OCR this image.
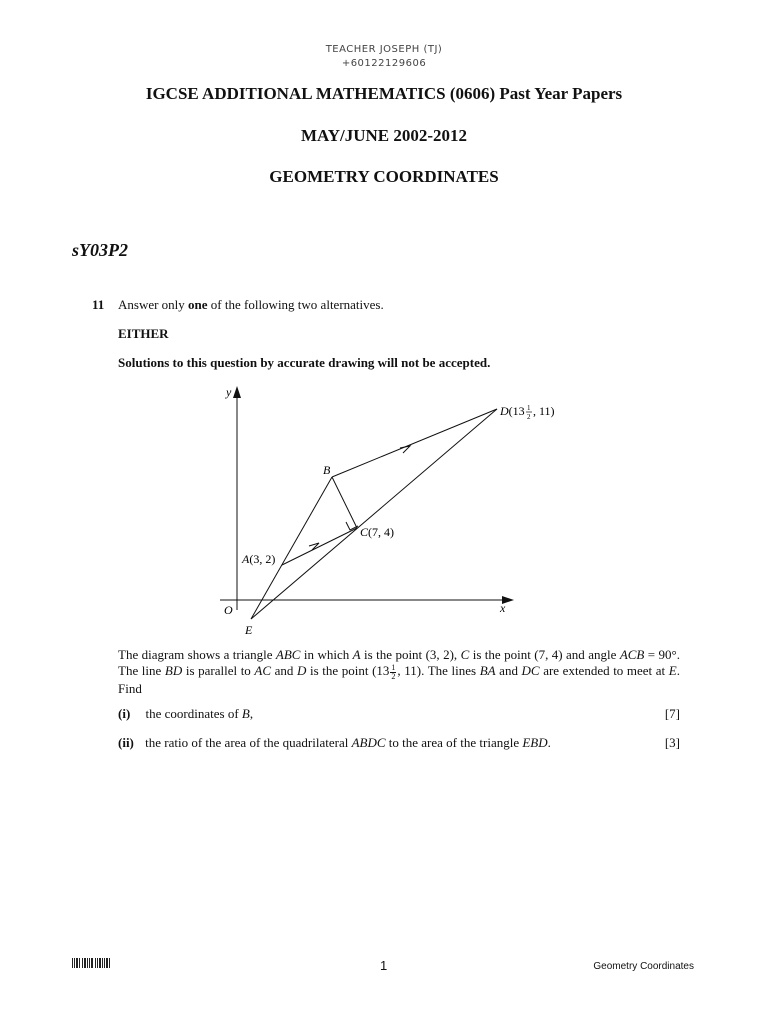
TEACHER JOSEPH (TJ)
+60122129606
IGCSE ADDITIONAL MATHEMATICS (0606) Past Year Papers
MAY/JUNE 2002-2012
GEOMETRY COORDINATES
sY03P2
11 Answer only one of the following two alternatives.
EITHER
Solutions to this question by accurate drawing will not be accepted.
y
x
O
B
C(7, 4)
A(3, 2)
D(13 1
2 , 11)
E
The diagram shows a triangle ABC in which A is the point (3, 2), C is the point (7, 4) and angle ACB = 90°. The line BD is parallel to AC and D is the point ($13 \frac{1}{2}$ , 11). The lines BA and DC are extended to meet at E. Find
(i) the coordinates of B,	[7]
(ii) the ratio of the area of the quadrilateral ABDC to the area of the triangle EBD.	[3]
1	Geometry Coordinates
